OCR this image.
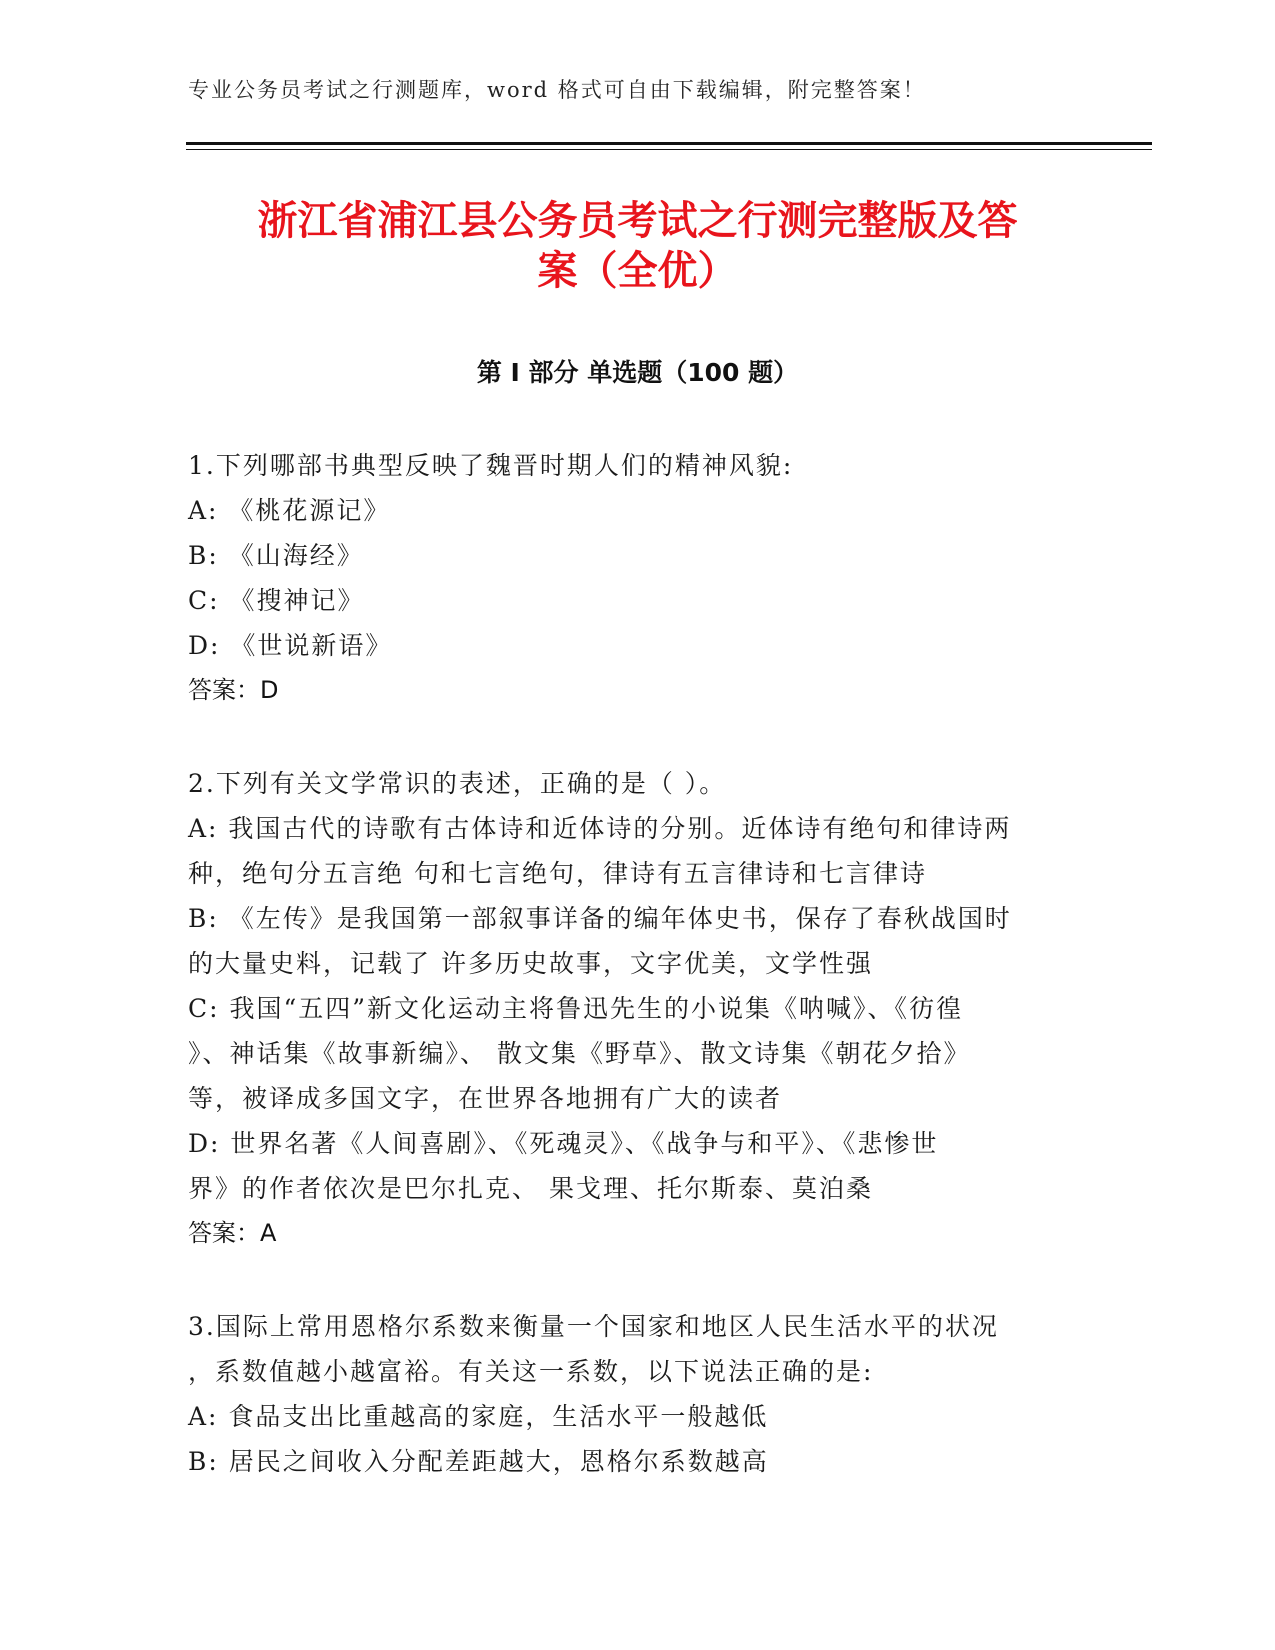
专业公务员考试之行测题库，word 格式可自由下载编辑，附完整答案！
浙江省浦江县公务员考试之行测完整版及答
案（全优）
第 I 部分 单选题（100 题）
1.下列哪部书典型反映了魏晋时期人们的精神风貌:
A: 《桃花源记》
B: 《山海经》
C: 《搜神记》
D: 《世说新语》
答案：D
2.下列有关文学常识的表述，正确的是（ ）。
A: 我国古代的诗歌有古体诗和近体诗的分别。近体诗有绝句和律诗两
种，绝句分五言绝 句和七言绝句，律诗有五言律诗和七言律诗
B: 《左传》是我国第一部叙事详备的编年体史书，保存了春秋战国时
的大量史料，记载了 许多历史故事，文字优美，文学性强
C: 我国“五四”新文化运动主将鲁迅先生的小说集《呐喊》、《彷徨
》、神话集《故事新编》、 散文集《野草》、散文诗集《朝花夕拾》
等，被译成多国文字，在世界各地拥有广大的读者
D: 世界名著《人间喜剧》、《死魂灵》、《战争与和平》、《悲惨世
界》的作者依次是巴尔扎克、 果戈理、托尔斯泰、莫泊桑
答案：A
3.国际上常用恩格尔系数来衡量一个国家和地区人民生活水平的状况
，系数值越小越富裕。有关这一系数，以下说法正确的是:
A: 食品支出比重越高的家庭，生活水平一般越低
B: 居民之间收入分配差距越大，恩格尔系数越高
